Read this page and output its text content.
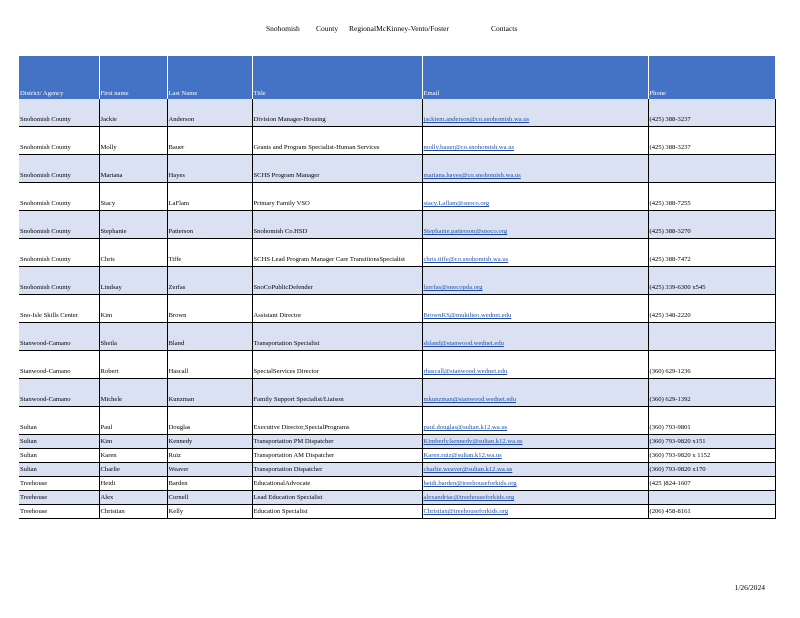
Snohomish County RegionalMcKinney-Vento/Foster	Contacts
District/ Agency	First name	Last Name	Title	Email	Phone
Snohomish County	Jackie	Anderson	Division Manager-Housing	jackiem.anderson@co.snohomish.wa.us	(425) 388-3237
Snohomish County	Molly	Bauer	Grants and Program Specialist-Human Services	molly.bauer@co.snohomish.wa.us	(425) 388-3237
Snohomish County	Mariana	Hayes	SCHS Program Manager	mariana.hayes@co.snohomish.wa.us	
Snohomish County	Stacy	LaFlam	Primary Family VSO	stacy.Laflam@snoco.org	(425) 388-7255
Snohomish County	Stephanie	Patterson	Snohomish Co.HSD	Stephanie.patterson@snoco.org	(425) 388-3270
Snohomish County	Chris	Tiffe	SCHS Lead Program Manager Care TransitionsSpecialist	chris.tiffe@co.snohomish.wa.us	(425) 388-7472
Snohomish County	Lindsay	Zerfas	SnoCoPublicDefender	lzerfas@snocopda.org	(425) 339-6300 x545
Sno-Isle Skills Center	Kim	Brown	Assistant Director	BrownKS@mukilteo.wednet.edu	(425) 348-2220
Stanwood-Camano	Sheila	Bland	Transportation Specialist	sbland@stanwood.wednet.edu	
Stanwood-Camano	Robert	Hascall	SpecialServices Director	rhascall@stanwood.wednet.edu	(360) 629-1236
Stanwood-Camano	Michele	Kunzman	Family Support Specialist/Liaison	mkunzman@stanwood.wednet.edu	(360) 629-1392
Sultan	Paul	Douglas	Executive Director,SpecialPrograms	paul.douglas@sultan.k12.wa.us	(360) 793-9801
Sultan	Kim	Kennedy	Transportation PM Dispatcher	Kimberly.kennedy@sultan.k12.wa.us	(360) 793-9820 x151
Sultan	Karen	Ruiz	Transportation AM Dispatcher	Karen.ruiz@sultan.k12.wa.us	(360) 793-9820 x 1152
Sultan	Charlie	Weaver	Transportation Dispatcher	charlie.weaver@sultan.k12.wa.us	(360) 793-9820 x170
Treehouse	Heidi	Barden	EducationalAdvocate	heidi.barden@treehouseforkids.org	(425 )824-1607
Treehouse	Alex	Cornell	Lead Education Specialist	alexandriac@treehouseforkids.org	
Treehouse	Christian	Kelly	Education Specialist	Christian@treehouseforkids.org	(206) 458-8161
1/26/2024
